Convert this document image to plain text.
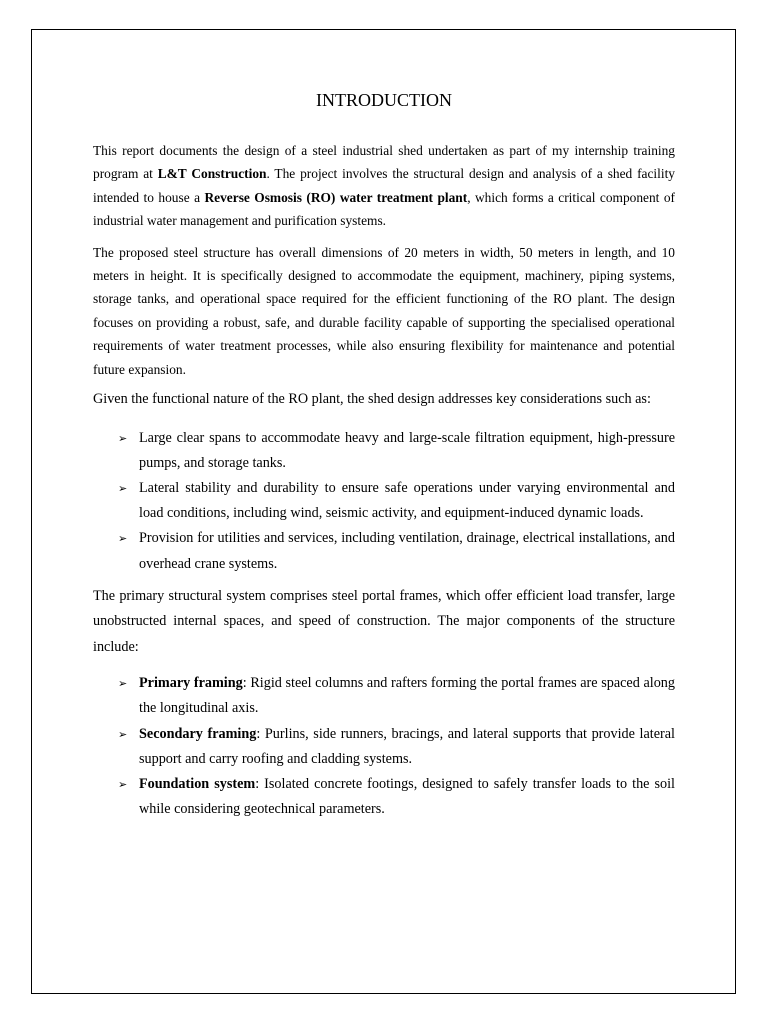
INTRODUCTION

This report documents the design of a steel industrial shed undertaken as part of my internship training program at L&T Construction. The project involves the structural design and analysis of a shed facility intended to house a Reverse Osmosis (RO) water treatment plant, which forms a critical component of industrial water management and purification systems.

The proposed steel structure has overall dimensions of 20 meters in width, 50 meters in length, and 10 meters in height. It is specifically designed to accommodate the equipment, machinery, piping systems, storage tanks, and operational space required for the efficient functioning of the RO plant. The design focuses on providing a robust, safe, and durable facility capable of supporting the specialised operational requirements of water treatment processes, while also ensuring flexibility for maintenance and potential future expansion.

Given the functional nature of the RO plant, the shed design addresses key considerations such as:

➢ Large clear spans to accommodate heavy and large-scale filtration equipment, high-pressure pumps, and storage tanks.
➢ Lateral stability and durability to ensure safe operations under varying environmental and load conditions, including wind, seismic activity, and equipment-induced dynamic loads.
➢ Provision for utilities and services, including ventilation, drainage, electrical installations, and overhead crane systems.

The primary structural system comprises steel portal frames, which offer efficient load transfer, large unobstructed internal spaces, and speed of construction. The major components of the structure include:

➢ Primary framing: Rigid steel columns and rafters forming the portal frames are spaced along the longitudinal axis.
➢ Secondary framing: Purlins, side runners, bracings, and lateral supports that provide lateral support and carry roofing and cladding systems.
➢ Foundation system: Isolated concrete footings, designed to safely transfer loads to the soil while considering geotechnical parameters.
